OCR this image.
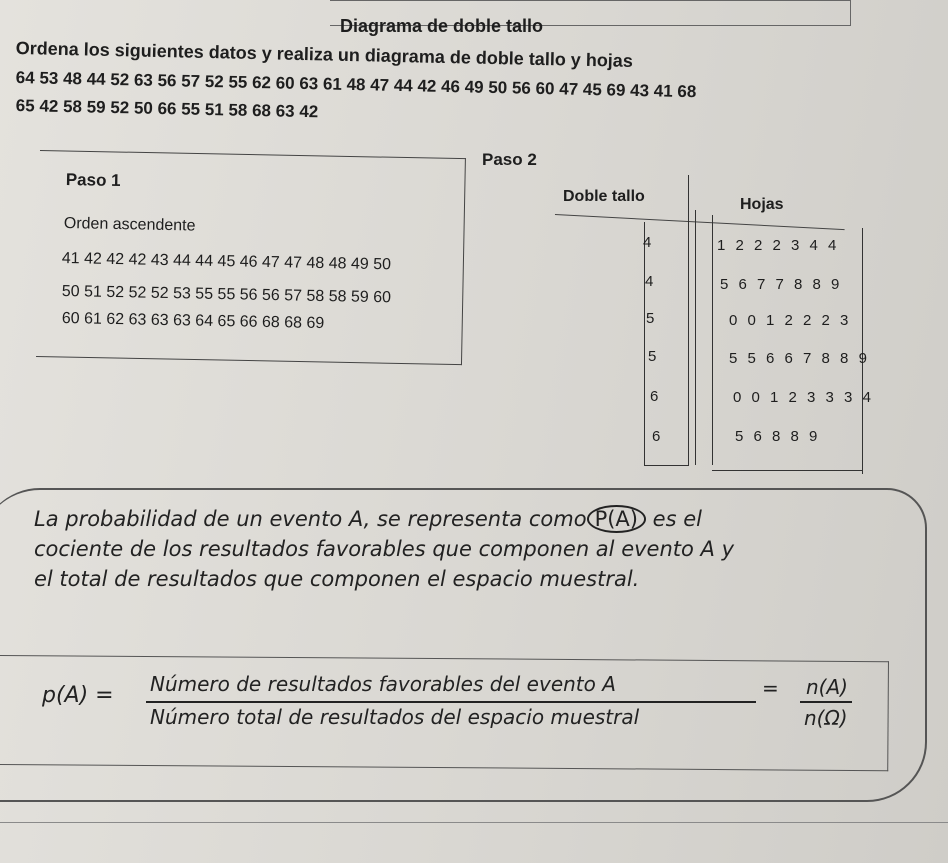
Diagrama de doble tallo
Ordena los siguientes datos y realiza un diagrama de doble tallo y hojas
64 53 48 44 52 63 56 57 52 55 62 60 63 61 48 47 44 42 46 49 50 56 60 47 45 69 43 41 68
65 42 58 59 52 50 66 55 51 58 68 63 42
Paso 1
Orden ascendente
41 42 42 42 43 44 44 45 46 47 47 48 48 49 50
50 51 52 52 52 53 55 55 56 56 57 58 58 59 60
60 61 62 63 63 63 64 65 66 68 68 69
Paso 2
Doble tallo	Hojas
4	1 2 2 2 3 4 4
4	5 6 7 7 8 8 9
5	0 0 1 2 2 2 3
5	5 5 6 6 7 8 8 9
6	0 0 1 2 3 3 3 4
6	5 6 8 8 9
La probabilidad de un evento A, se representa como P(A) es el
cociente de los resultados favorables que componen al evento A y
el total de resultados que componen el espacio muestral.
p(A) = Número de resultados favorables del evento A
Número total de resultados del espacio muestral
= n(A)
n(Ω)
